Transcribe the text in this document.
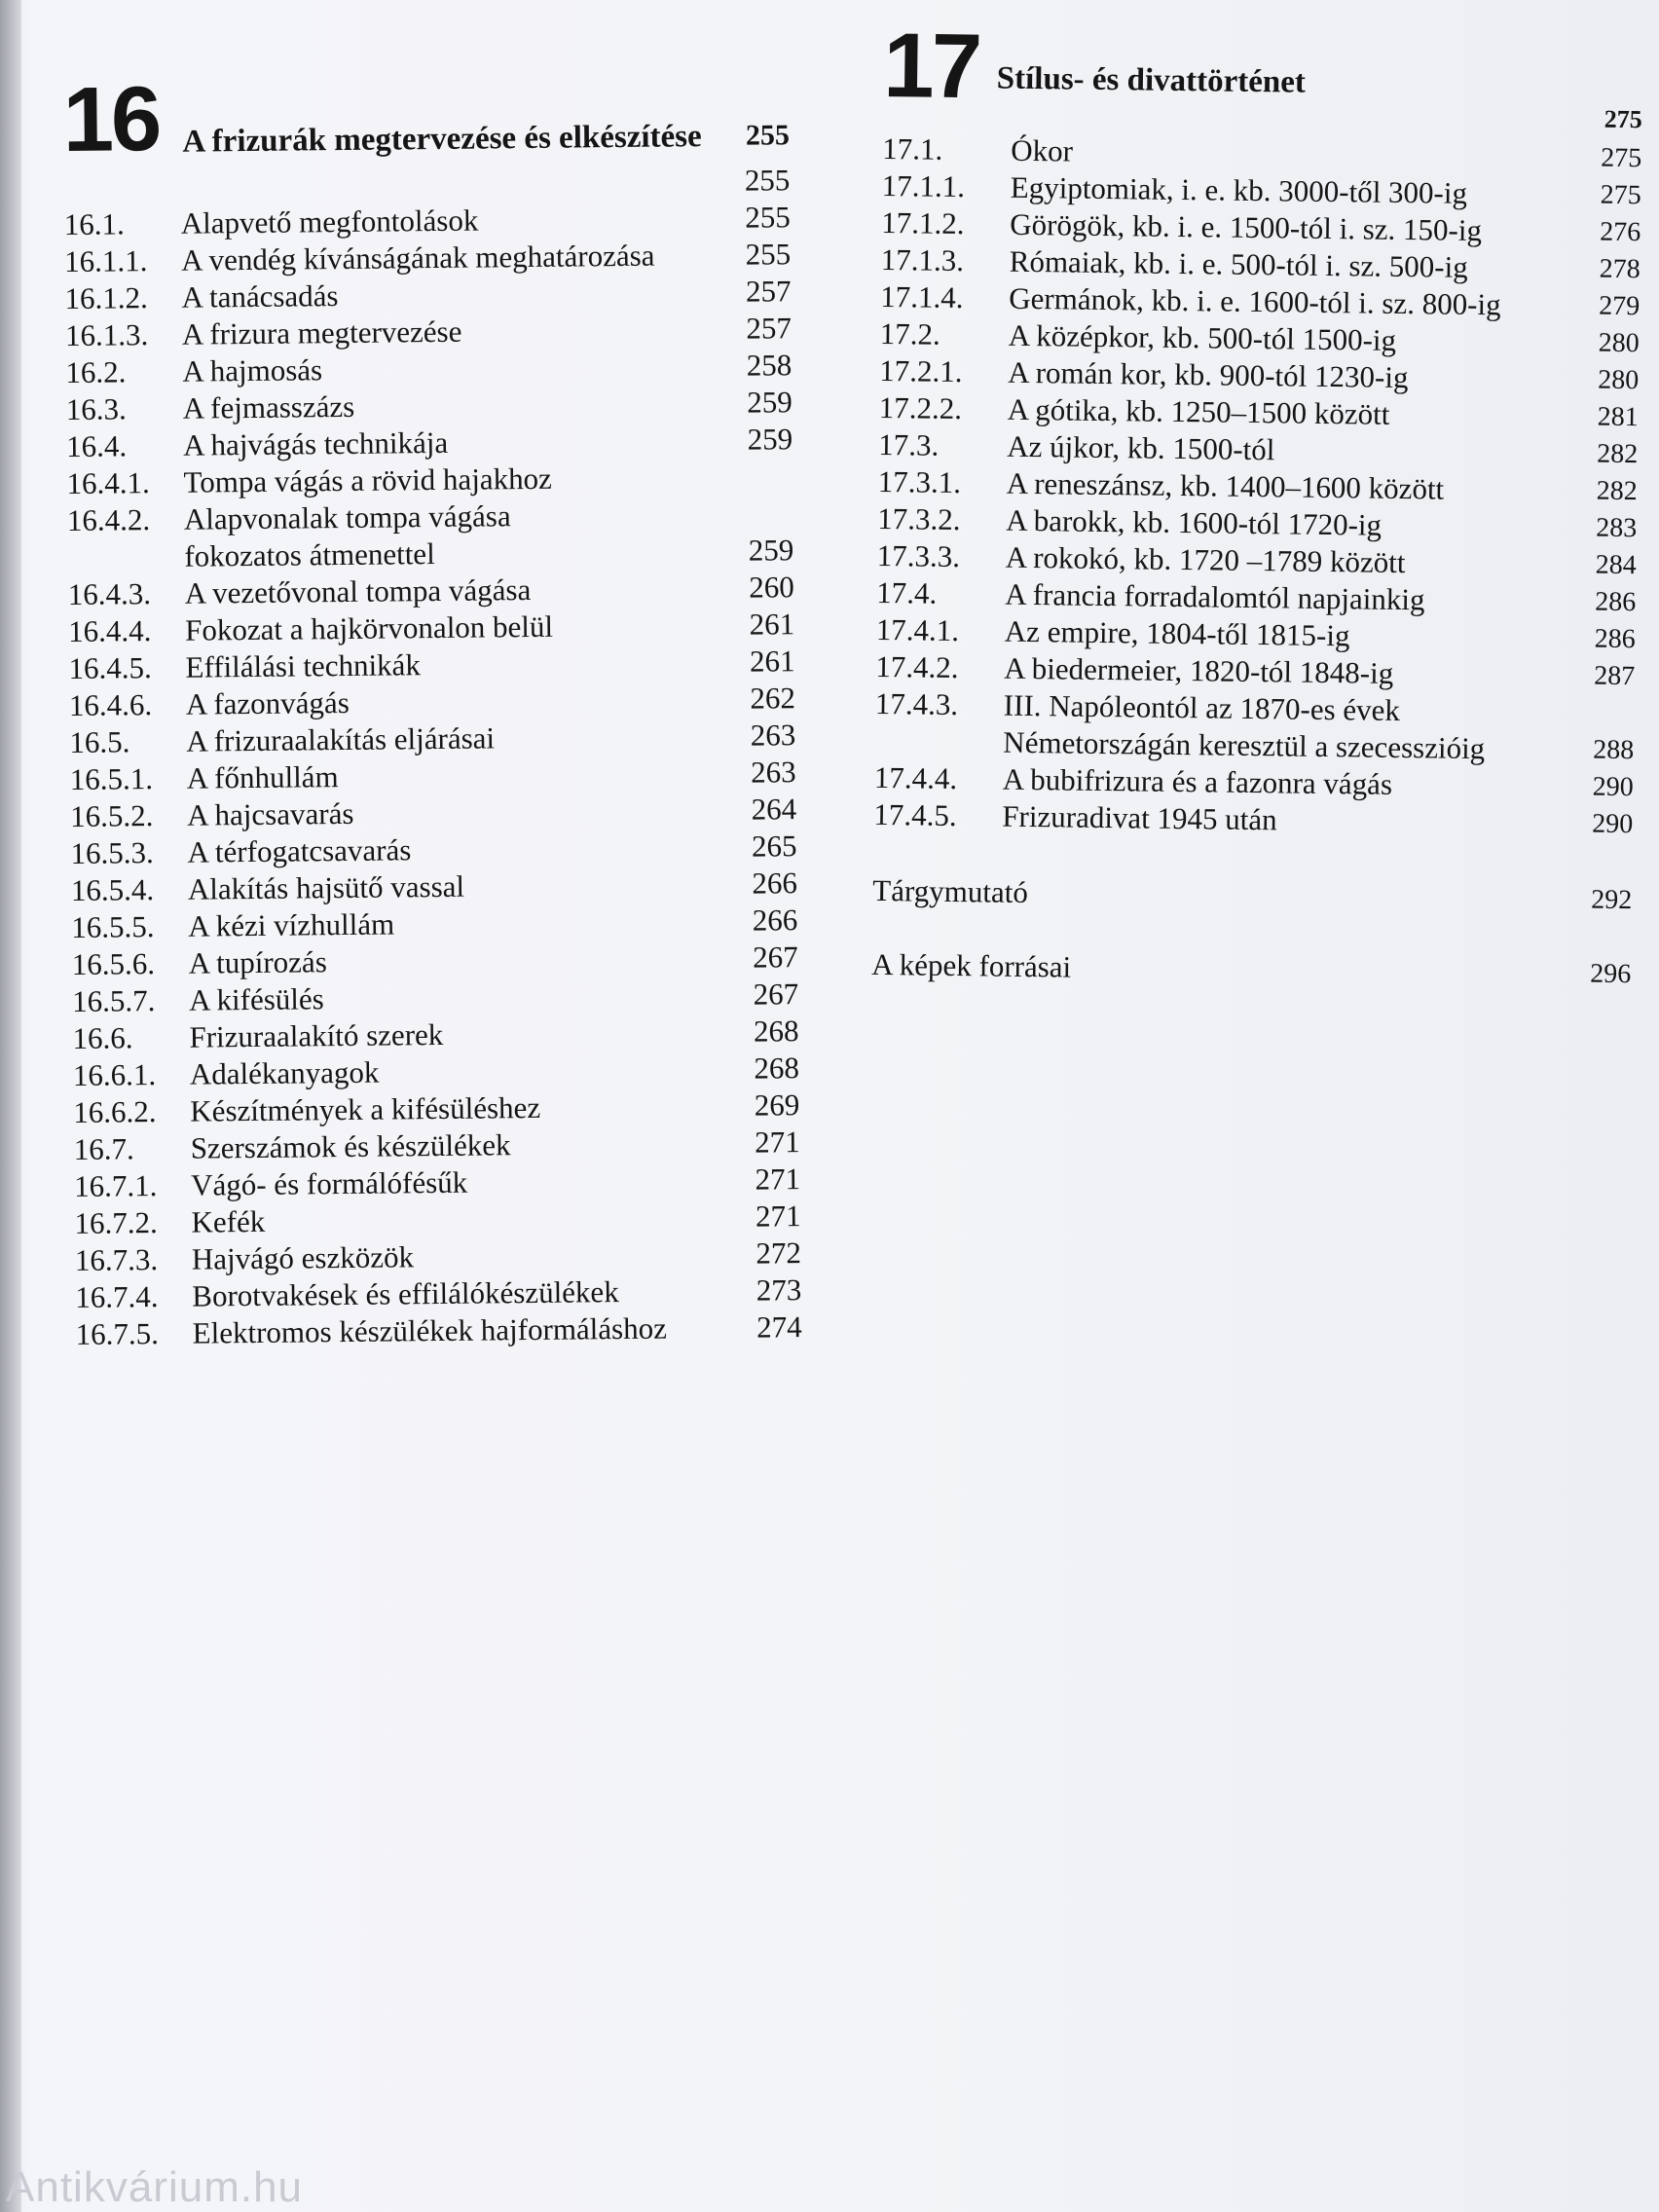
16 A frizurák megtervezése és elkészítése	255
255
16.1.	Alapvető megfontolások	255
16.1.1.	A vendég kívánságának meghatározása	255
16.1.2.	A tanácsadás	257
16.1.3.	A frizura megtervezése	257
16.2.	A hajmosás	258
16.3.	A fejmasszázs	259
16.4.	A hajvágás technikája	259
16.4.1.	Tompa vágás a rövid hajakhoz
16.4.2.	Alapvonalak tompa vágása
fokozatos átmenettel	259
16.4.3.	A vezetővonal tompa vágása	260
16.4.4.	Fokozat a hajkörvonalon belül	261
16.4.5.	Effilálási technikák	261
16.4.6.	A fazonvágás	262
16.5.	A frizuraalakítás eljárásai	263
16.5.1.	A főnhullám	263
16.5.2.	A hajcsavarás	264
16.5.3.	A térfogatcsavarás	265
16.5.4.	Alakítás hajsütő vassal	266
16.5.5.	A kézi vízhullám	266
16.5.6.	A tupírozás	267
16.5.7.	A kifésülés	267
16.6.	Frizuraalakító szerek	268
16.6.1.	Adalékanyagok	268
16.6.2.	Készítmények a kifésüléshez	269
16.7.	Szerszámok és készülékek	271
16.7.1.	Vágó- és formálófésűk	271
16.7.2.	Kefék	271
16.7.3.	Hajvágó eszközök	272
16.7.4.	Borotvakések és effilálókészülékek	273
16.7.5.	Elektromos készülékek hajformáláshoz	274
17 Stílus- és divattörténet
275
17.1.	Ókor	275
17.1.1.	Egyiptomiak, i. e. kb. 3000-től 300-ig	275
17.1.2.	Görögök, kb. i. e. 1500-tól i. sz. 150-ig	276
17.1.3.	Rómaiak, kb. i. e. 500-tól i. sz. 500-ig	278
17.1.4.	Germánok, kb. i. e. 1600-tól i. sz. 800-ig	279
17.2.	A középkor, kb. 500-tól 1500-ig	280
17.2.1.	A román kor, kb. 900-tól 1230-ig	280
17.2.2.	A gótika, kb. 1250–1500 között	281
17.3.	Az újkor, kb. 1500-tól	282
17.3.1.	A reneszánsz, kb. 1400–1600 között	282
17.3.2.	A barokk, kb. 1600-tól 1720-ig	283
17.3.3.	A rokokó, kb. 1720 –1789 között	284
17.4.	A francia forradalomtól napjainkig	286
17.4.1.	Az empire, 1804-től 1815-ig	286
17.4.2.	A biedermeier, 1820-tól 1848-ig	287
17.4.3.	III. Napóleontól az 1870-es évek
Németországán keresztül a szecesszióig	288
17.4.4.	A bubifrizura és a fazonra vágás	290
17.4.5.	Frizuradivat 1945 után	290
Tárgymutató	292
A képek forrásai	296
Antikvárium.hu
